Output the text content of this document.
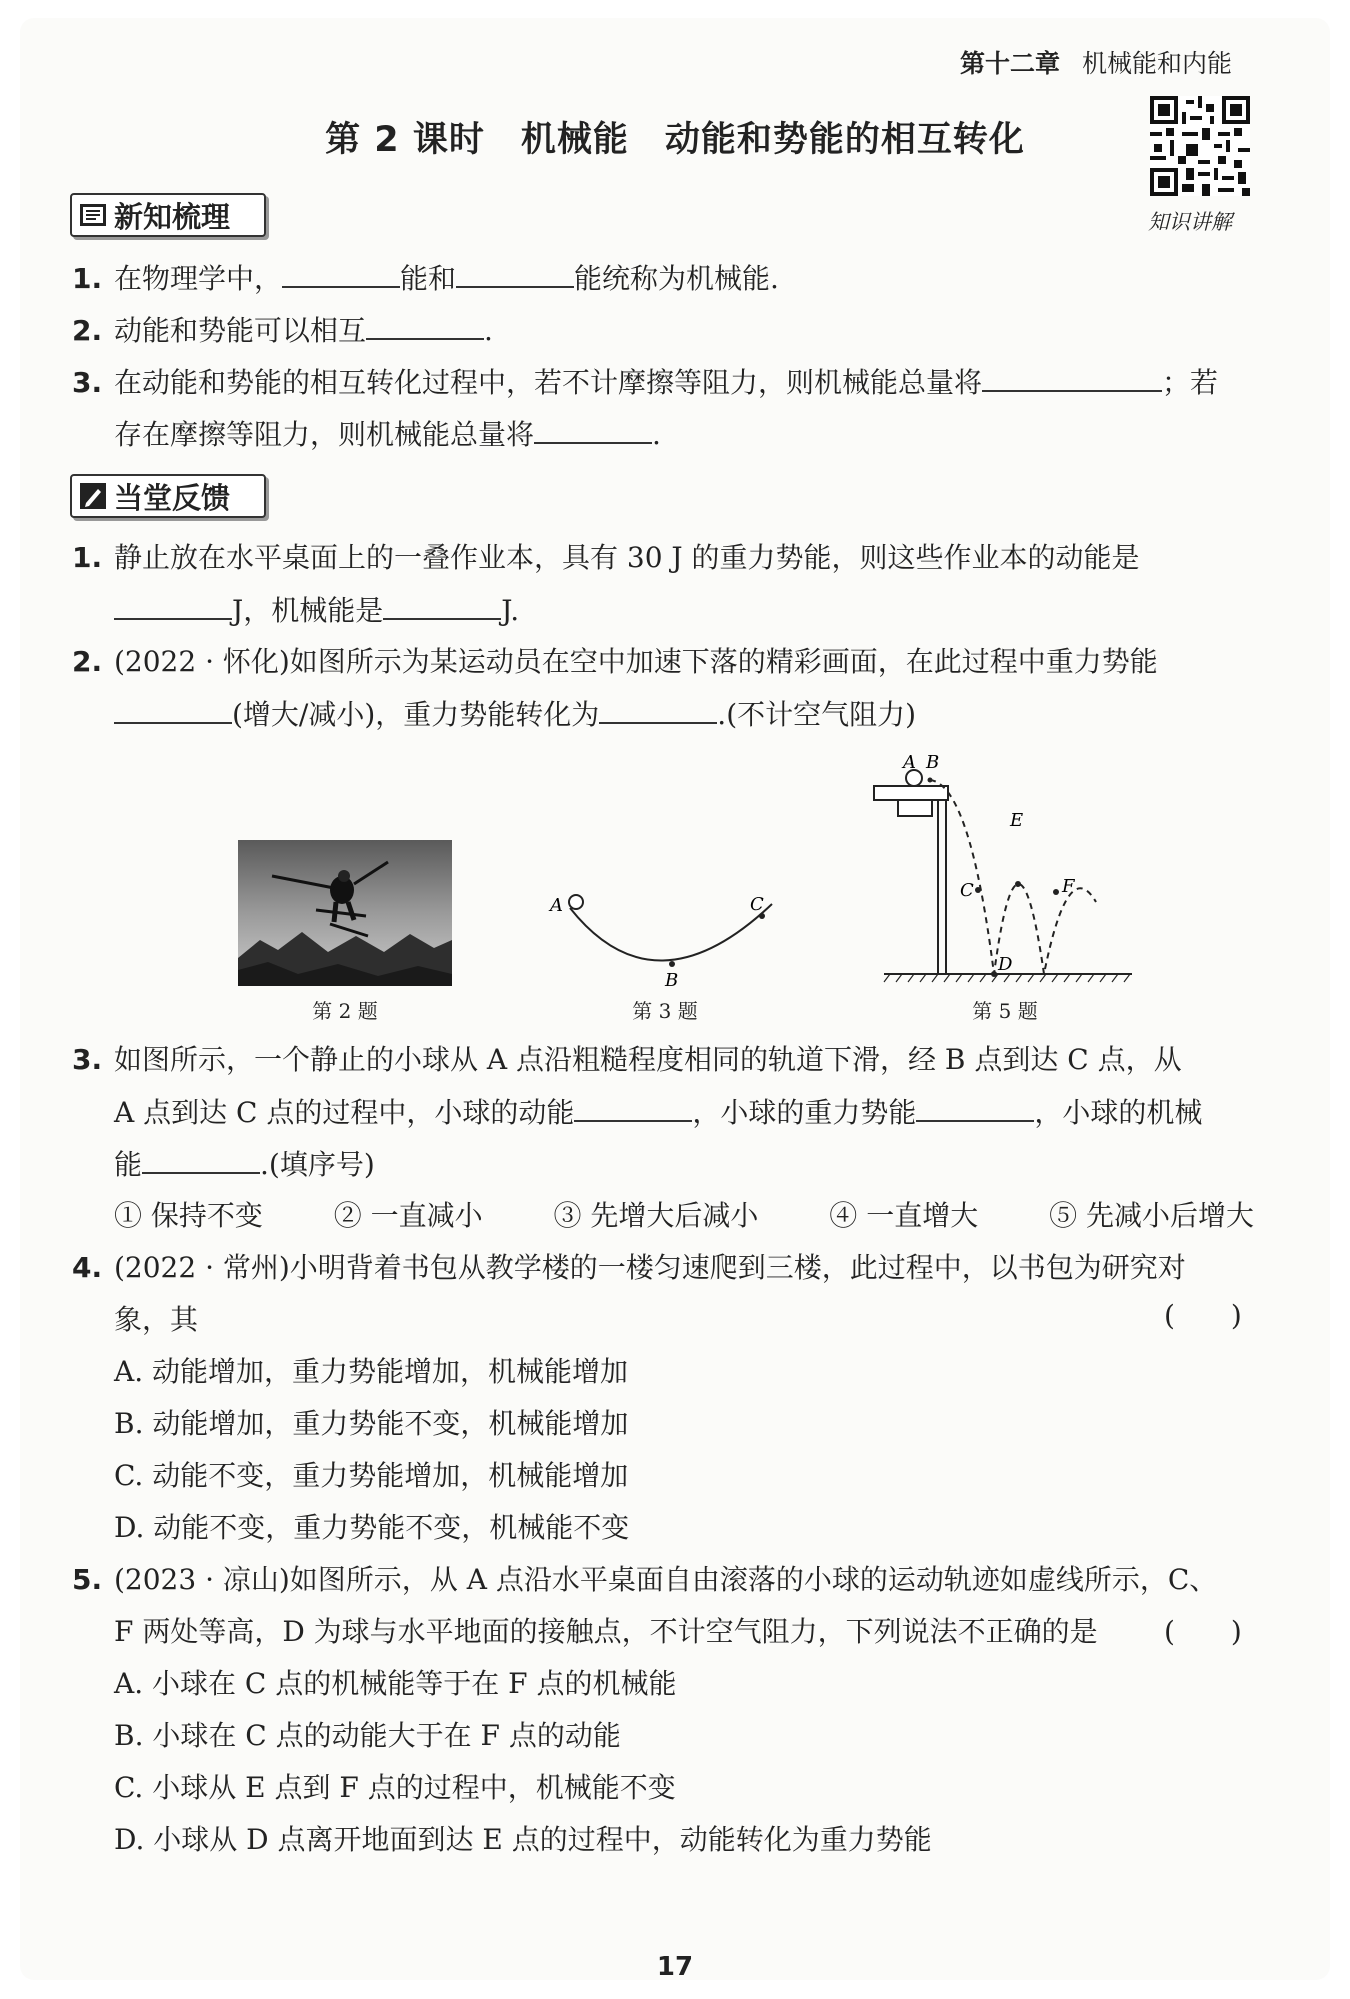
第十二章 机械能和内能
第 2 课时　机械能　动能和势能的相互转化
知识讲解
新知梳理
1. 在物理学中，	能和	能统称为机械能.
2. 动能和势能可以相互	.
3. 在动能和势能的相互转化过程中，若不计摩擦等阻力，则机械能总量将	；若
存在摩擦等阻力，则机械能总量将	.
当堂反馈
1. 静止放在水平桌面上的一叠作业本，具有 30 J 的重力势能，则这些作业本的动能是
J，机械能是	J.
2. (2022 · 怀化)如图所示为某运动员在空中加速下落的精彩画面，在此过程中重力势能
(增大/减小)，重力势能转化为	.(不计空气阻力)
第 2 题
A
B
C
第 3 题
A B
C
D
E
F
第 5 题
3. 如图所示，一个静止的小球从 A 点沿粗糙程度相同的轨道下滑，经 B 点到达 C 点，从
A 点到达 C 点的过程中，小球的动能	，小球的重力势能	，小球的机械
能	.(填序号)
① 保持不变	② 一直减小	③ 先增大后减小	④ 一直增大	⑤ 先减小后增大
4. (2022 · 常州)小明背着书包从教学楼的一楼匀速爬到三楼，此过程中，以书包为研究对
象，其	(　　)
A. 动能增加，重力势能增加，机械能增加
B. 动能增加，重力势能不变，机械能增加
C. 动能不变，重力势能增加，机械能增加
D. 动能不变，重力势能不变，机械能不变
5. (2023 · 凉山)如图所示，从 A 点沿水平桌面自由滚落的小球的运动轨迹如虚线所示，C、
F 两处等高，D 为球与水平地面的接触点，不计空气阻力，下列说法不正确的是 (　　)
A. 小球在 C 点的机械能等于在 F 点的机械能
B. 小球在 C 点的动能大于在 F 点的动能
C. 小球从 E 点到 F 点的过程中，机械能不变
D. 小球从 D 点离开地面到达 E 点的过程中，动能转化为重力势能
17
